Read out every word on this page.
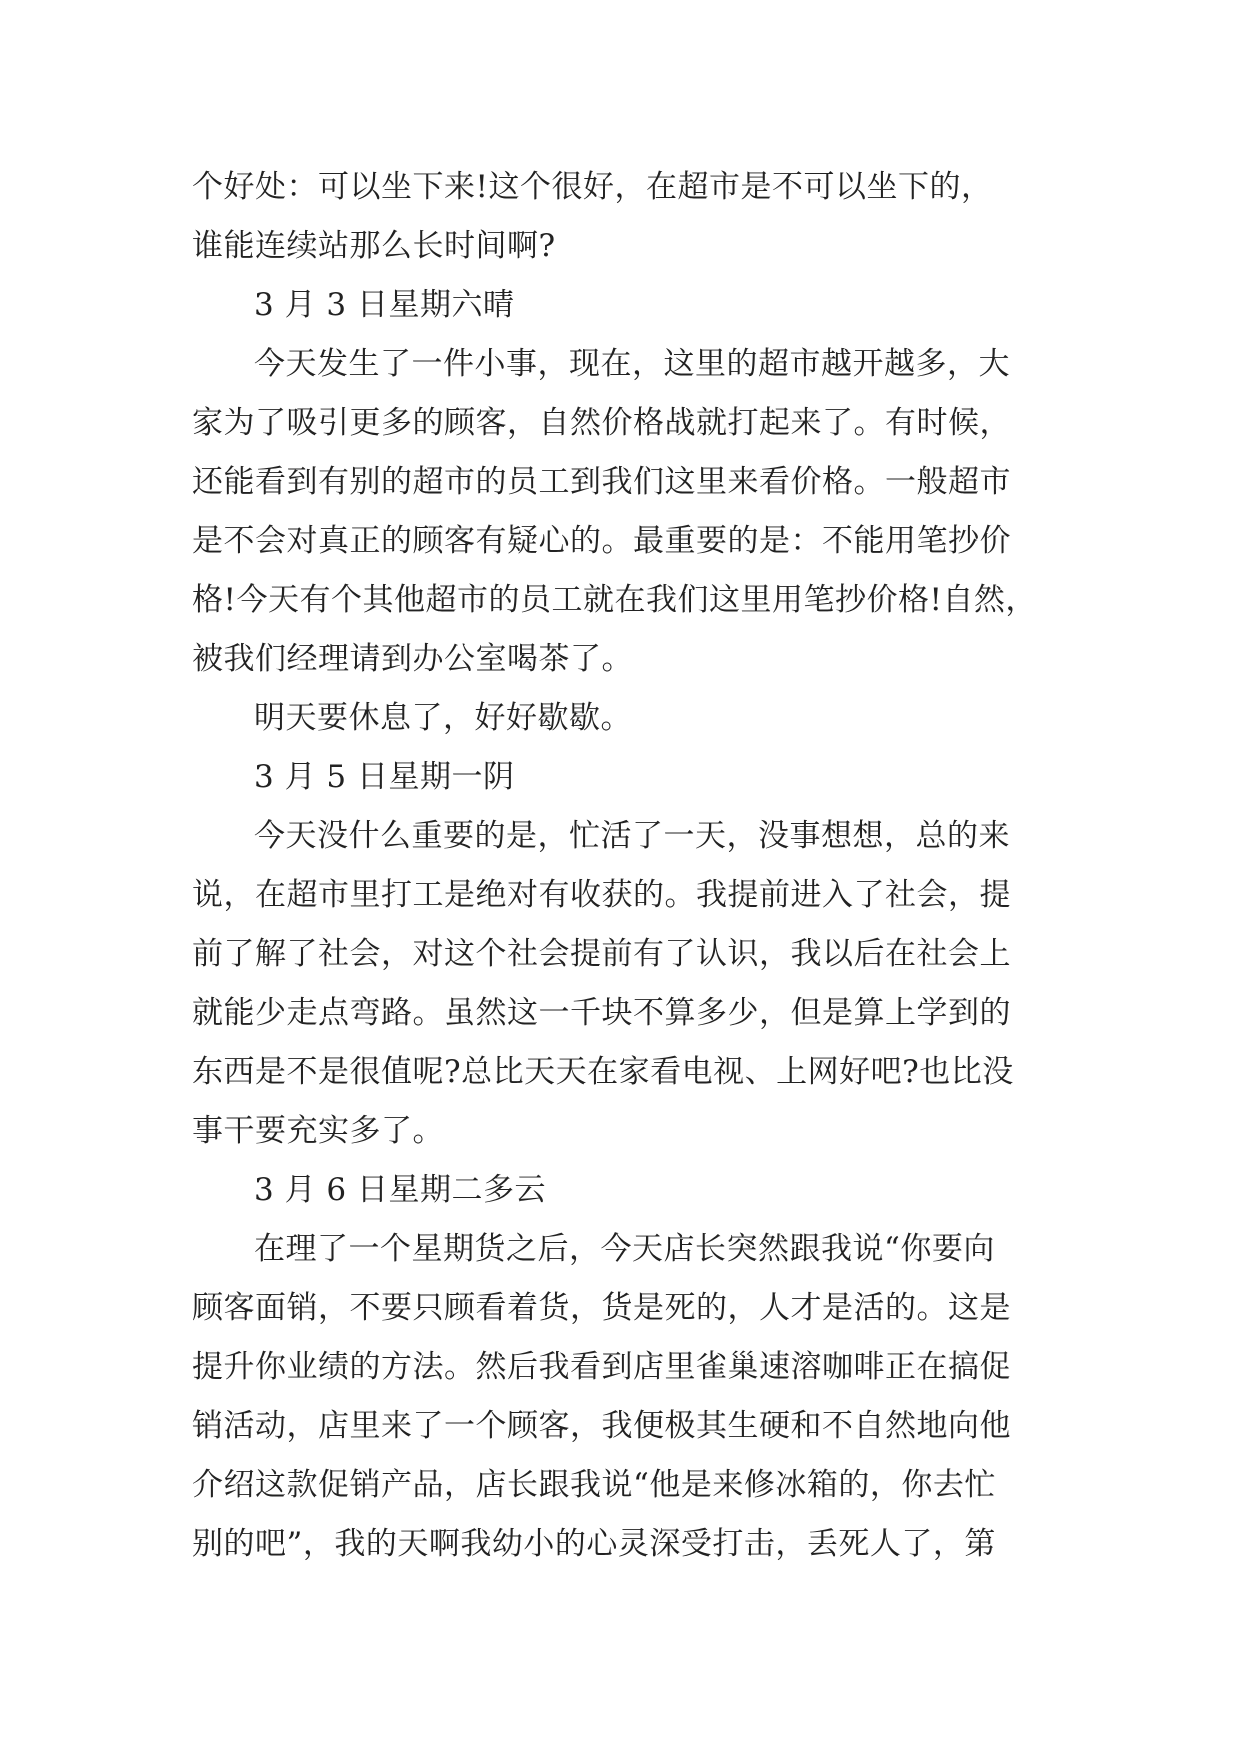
个好处：可以坐下来!这个很好，在超市是不可以坐下的，
谁能连续站那么长时间啊?
3 月 3 日星期六晴
今天发生了一件小事，现在，这里的超市越开越多，大
家为了吸引更多的顾客，自然价格战就打起来了。有时候，
还能看到有别的超市的员工到我们这里来看价格。一般超市
是不会对真正的顾客有疑心的。最重要的是：不能用笔抄价
格!今天有个其他超市的员工就在我们这里用笔抄价格!自然，
被我们经理请到办公室喝茶了。
明天要休息了，好好歇歇。
3 月 5 日星期一阴
今天没什么重要的是，忙活了一天，没事想想，总的来
说，在超市里打工是绝对有收获的。我提前进入了社会，提
前了解了社会，对这个社会提前有了认识，我以后在社会上
就能少走点弯路。虽然这一千块不算多少，但是算上学到的
东西是不是很值呢?总比天天在家看电视、上网好吧?也比没
事干要充实多了。
3 月 6 日星期二多云
在理了一个星期货之后，今天店长突然跟我说“你要向
顾客面销，不要只顾看着货，货是死的，人才是活的。这是
提升你业绩的方法。然后我看到店里雀巢速溶咖啡正在搞促
销活动，店里来了一个顾客，我便极其生硬和不自然地向他
介绍这款促销产品，店长跟我说“他是来修冰箱的，你去忙
别的吧”，我的天啊我幼小的心灵深受打击，丢死人了，第
